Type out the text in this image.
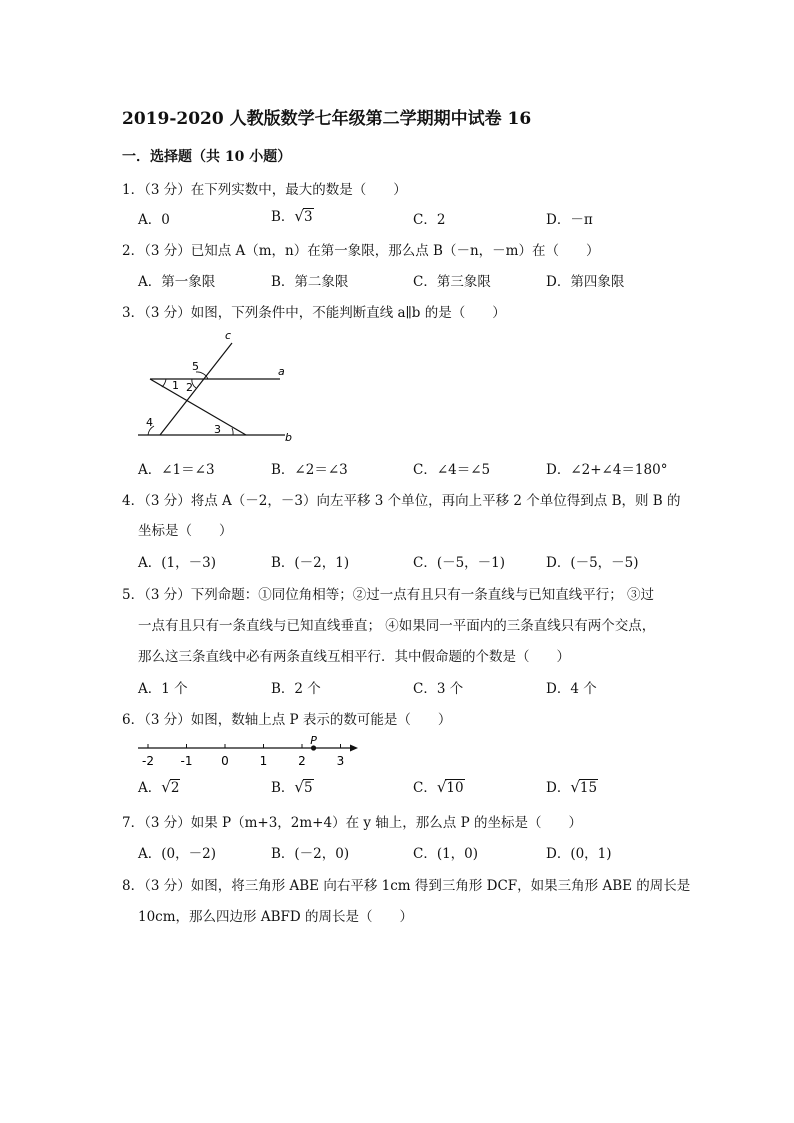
2019-2020 人教版数学七年级第二学期期中试卷 16
一．选择题（共 10 小题）
1．（3 分）在下列实数中，最大的数是（　　）
A．0	B．√3	C．2	D．－π
2．（3 分）已知点 A（m，n）在第一象限，那么点 B（－n，－m）在（　　）
A．第一象限	B．第二象限	C．第三象限	D．第四象限
3．（3 分）如图，下列条件中，不能判断直线 a∥b 的是（　　）
c
a
b
5
1 2
4
3
A．∠1＝∠3	B．∠2＝∠3	C．∠4＝∠5	D．∠2+∠4＝180°
4．（3 分）将点 A（－2，－3）向左平移 3 个单位，再向上平移 2 个单位得到点 B，则 B 的
坐标是（　　）
A．(1，－3)	B．(－2，1)	C．(－5，－1)	D．(－5，－5)
5．（3 分）下列命题：①同位角相等；②过一点有且只有一条直线与已知直线平行； ③过
一点有且只有一条直线与已知直线垂直； ④如果同一平面内的三条直线只有两个交点，
那么这三条直线中必有两条直线互相平行．其中假命题的个数是（　　）
A．1 个	B．2 个	C．3 个	D．4 个
6．（3 分）如图，数轴上点 P 表示的数可能是（　　）
-2 -1 0	1	2	3
P
A．√2	B．√5	C．√10	D．√15
7．（3 分）如果 P（m+3，2m+4）在 y 轴上，那么点 P 的坐标是（　　）
A．(0，－2)	B．(－2，0)	C．(1，0)	D．(0，1)
8．（3 分）如图，将三角形 ABE 向右平移 1cm 得到三角形 DCF，如果三角形 ABE 的周长是
10cm，那么四边形 ABFD 的周长是（　　）
